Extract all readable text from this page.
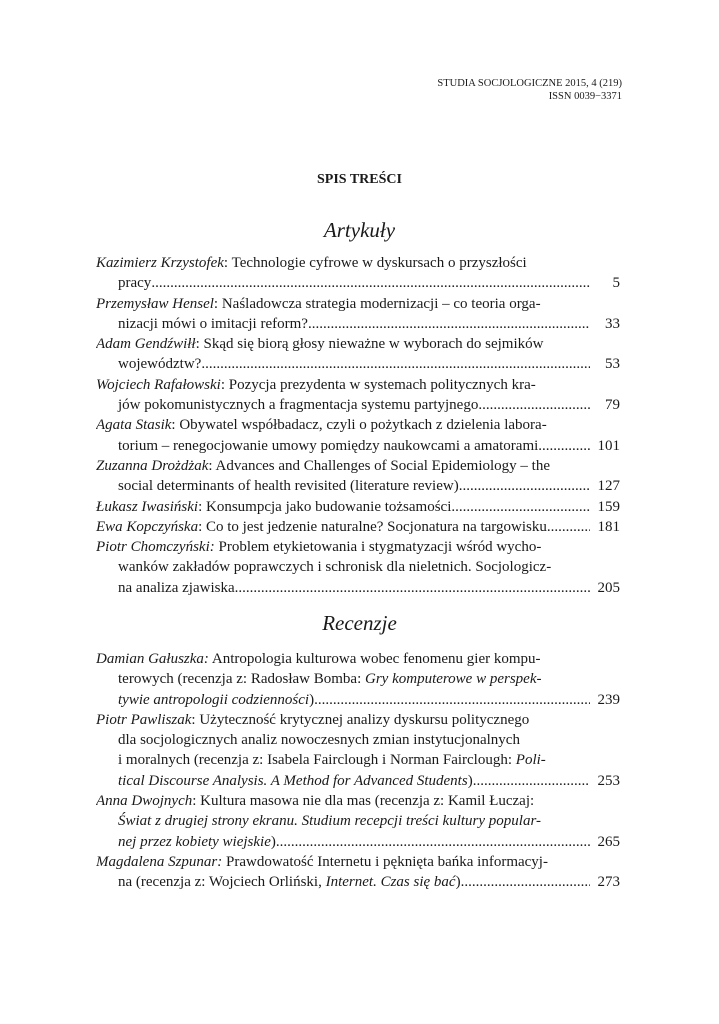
STUDIA SOCJOLOGICZNE 2015, 4 (219)
ISSN 0039−3371
SPIS TREŚCI
Artykuły
Kazimierz Krzystofek: Technologie cyfrowe w dyskursach o przyszłości
pracy .....	5
Przemysław Hensel: Naśladowcza strategia modernizacji – co teoria orga-
nizacji mówi o imitacji reform? .....	33
Adam Gendźwiłł: Skąd się biorą głosy nieważne w wyborach do sejmików
województw? .....	53
Wojciech Rafałowski: Pozycja prezydenta w systemach politycznych kra-
jów pokomunistycznych a fragmentacja systemu partyjnego .....	79
Agata Stasik: Obywatel współbadacz, czyli o pożytkach z dzielenia labora-
torium – renegocjowanie umowy pomiędzy naukowcami a amatorami .....	101
Zuzanna Drożdżak: Advances and Challenges of Social Epidemiology – the
social determinants of health revisited (literature review) .....	127
Łukasz Iwasiński: Konsumpcja jako budowanie tożsamości .....	159
Ewa Kopczyńska: Co to jest jedzenie naturalne? Socjonatura na targowisku .....	181
Piotr Chomczyński: Problem etykietowania i stygmatyzacji wśród wycho-
wanków zakładów poprawczych i schronisk dla nieletnich. Socjologicz-
na analiza zjawiska .....	205
Recenzje
Damian Gałuszka: Antropologia kulturowa wobec fenomenu gier kompu-
terowych (recenzja z: Radosław Bomba: Gry komputerowe w perspek-
tywie antropologii codzienności) .....	239
Piotr Pawliszak: Użyteczność krytycznej analizy dyskursu politycznego
dla socjologicznych analiz nowoczesnych zmian instytucjonalnych
i moralnych (recenzja z: Isabela Fairclough i Norman Fairclough: Poli-
tical Discourse Analysis. A Method for Advanced Students) .....	253
Anna Dwojnych: Kultura masowa nie dla mas (recenzja z: Kamil Łuczaj:
Świat z drugiej strony ekranu. Studium recepcji treści kultury popular-
nej przez kobiety wiejskie) .....	265
Magdalena Szpunar: Prawdowatość Internetu i pęknięta bańka informacyj-
na (recenzja z: Wojciech Orliński, Internet. Czas się bać) .....	273
